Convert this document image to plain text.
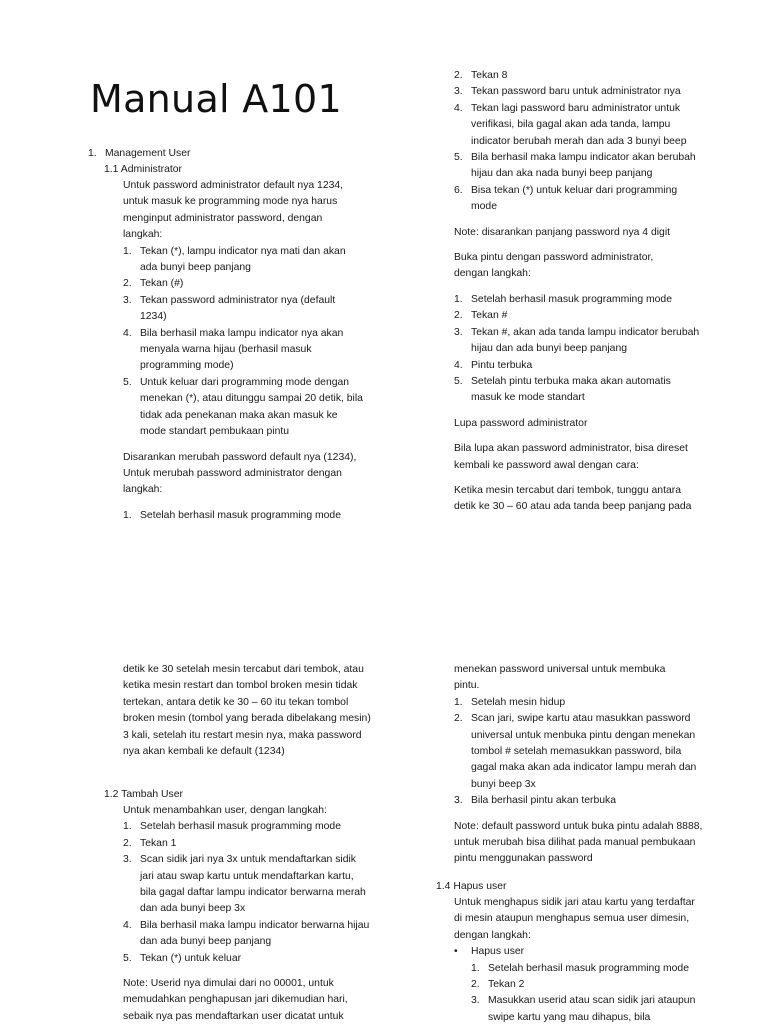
Manual A101
1. Management User
1.1 Administrator

Untuk password administrator default nya 1234, untuk masuk ke programming mode nya harus menginput administrator password, dengan langkah:

1. Tekan (*), lampu indicator nya mati dan akan ada bunyi beep panjang
2. Tekan (#)
3. Tekan password administrator nya (default 1234)
4. Bila berhasil maka lampu indicator nya akan menyala warna hijau (berhasil masuk programming mode)
5. Untuk keluar dari programming mode dengan menekan (*), atau ditunggu sampai 20 detik, bila tidak ada penekanan maka akan masuk ke mode standart pembukaan pintu

Disarankan merubah password default nya (1234), Untuk merubah password administrator dengan langkah:

1. Setelah berhasil masuk programming mode
2. Tekan 8
3. Tekan password baru untuk administrator nya
4. Tekan lagi password baru administrator untuk verifikasi, bila gagal akan ada tanda, lampu indicator berubah merah dan ada 3 bunyi beep
5. Bila berhasil maka lampu indicator akan berubah hijau dan aka nada bunyi beep panjang
6. Bisa tekan (*) untuk keluar dari programming mode

Note: disarankan panjang password nya 4 digit

Buka pintu dengan password administrator, dengan langkah:

1. Setelah berhasil masuk programming mode
2. Tekan #
3. Tekan #, akan ada tanda lampu indicator berubah hijau dan ada bunyi beep panjang
4. Pintu terbuka
5. Setelah pintu terbuka maka akan automatis masuk ke mode standart

Lupa password administrator

Bila lupa akan password administrator, bisa direset kembali ke password awal dengan cara:

Ketika mesin tercabut dari tembok, tunggu antara detik ke 30 – 60 atau ada tanda beep panjang pada

detik ke 30 setelah mesin tercabut dari tembok, atau ketika mesin restart dan tombol broken mesin tidak tertekan, antara detik ke 30 – 60 itu tekan tombol broken mesin (tombol yang berada dibelakang mesin) 3 kali, setelah itu restart mesin nya, maka password nya akan kembali ke default (1234)

1.2 Tambah User

Untuk menambahkan user, dengan langkah:

1. Setelah berhasil masuk programming mode
2. Tekan 1
3. Scan sidik jari nya 3x untuk mendaftarkan sidik jari atau swap kartu untuk mendaftarkan kartu, bila gagal daftar lampu indicator berwarna merah dan ada bunyi beep 3x
4. Bila berhasil maka lampu indicator berwarna hijau dan ada bunyi beep panjang
5. Tekan (*) untuk keluar

Note: Userid nya dimulai dari no 00001, untuk memudahkan penghapusan jari dikemudian hari, sebaik nya pas mendaftarkan user dicatat untuk

menekan password universal untuk membuka pintu.

1. Setelah mesin hidup
2. Scan jari, swipe kartu atau masukkan password universal untuk menbuka pintu dengan menekan tombol # setelah memasukkan password, bila gagal maka akan ada indicator lampu merah dan bunyi beep 3x
3. Bila berhasil pintu akan terbuka

Note: default password untuk buka pintu adalah 8888, untuk merubah bisa dilihat pada manual pembukaan pintu menggunakan password

1.4 Hapus user

Untuk menghapus sidik jari atau kartu yang terdaftar di mesin ataupun menghapus semua user dimesin, dengan langkah:

• Hapus user
1. Setelah berhasil masuk programming mode
2. Tekan 2
3. Masukkan userid atau scan sidik jari ataupun swipe kartu yang mau dihapus, bila
